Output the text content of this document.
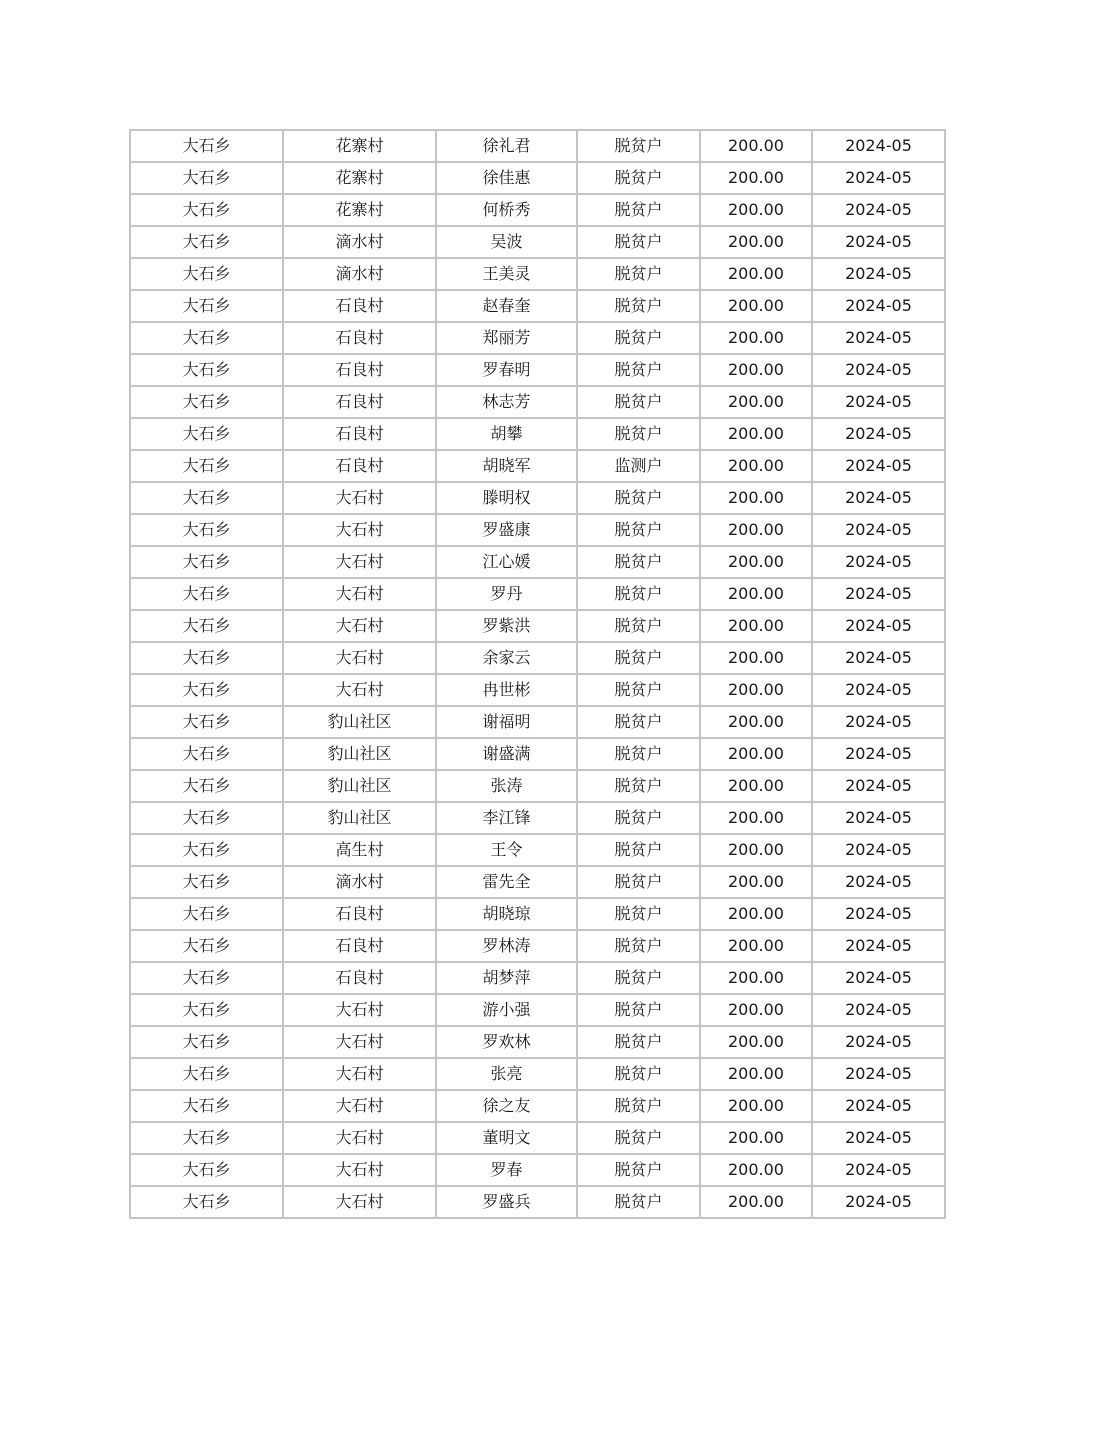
大石乡	花寨村	徐礼君	脱贫户	200.00	2024-05
大石乡	花寨村	徐佳惠	脱贫户	200.00	2024-05
大石乡	花寨村	何桥秀	脱贫户	200.00	2024-05
大石乡	滴水村	吴波	脱贫户	200.00	2024-05
大石乡	滴水村	王美灵	脱贫户	200.00	2024-05
大石乡	石良村	赵春奎	脱贫户	200.00	2024-05
大石乡	石良村	郑丽芳	脱贫户	200.00	2024-05
大石乡	石良村	罗春明	脱贫户	200.00	2024-05
大石乡	石良村	林志芳	脱贫户	200.00	2024-05
大石乡	石良村	胡攀	脱贫户	200.00	2024-05
大石乡	石良村	胡晓军	监测户	200.00	2024-05
大石乡	大石村	滕明权	脱贫户	200.00	2024-05
大石乡	大石村	罗盛康	脱贫户	200.00	2024-05
大石乡	大石村	江心媛	脱贫户	200.00	2024-05
大石乡	大石村	罗丹	脱贫户	200.00	2024-05
大石乡	大石村	罗紫洪	脱贫户	200.00	2024-05
大石乡	大石村	余家云	脱贫户	200.00	2024-05
大石乡	大石村	冉世彬	脱贫户	200.00	2024-05
大石乡	豹山社区	谢福明	脱贫户	200.00	2024-05
大石乡	豹山社区	谢盛满	脱贫户	200.00	2024-05
大石乡	豹山社区	张涛	脱贫户	200.00	2024-05
大石乡	豹山社区	李江锋	脱贫户	200.00	2024-05
大石乡	高生村	王令	脱贫户	200.00	2024-05
大石乡	滴水村	雷先全	脱贫户	200.00	2024-05
大石乡	石良村	胡晓琼	脱贫户	200.00	2024-05
大石乡	石良村	罗林涛	脱贫户	200.00	2024-05
大石乡	石良村	胡梦萍	脱贫户	200.00	2024-05
大石乡	大石村	游小强	脱贫户	200.00	2024-05
大石乡	大石村	罗欢林	脱贫户	200.00	2024-05
大石乡	大石村	张亮	脱贫户	200.00	2024-05
大石乡	大石村	徐之友	脱贫户	200.00	2024-05
大石乡	大石村	董明文	脱贫户	200.00	2024-05
大石乡	大石村	罗春	脱贫户	200.00	2024-05
大石乡	大石村	罗盛兵	脱贫户	200.00	2024-05
